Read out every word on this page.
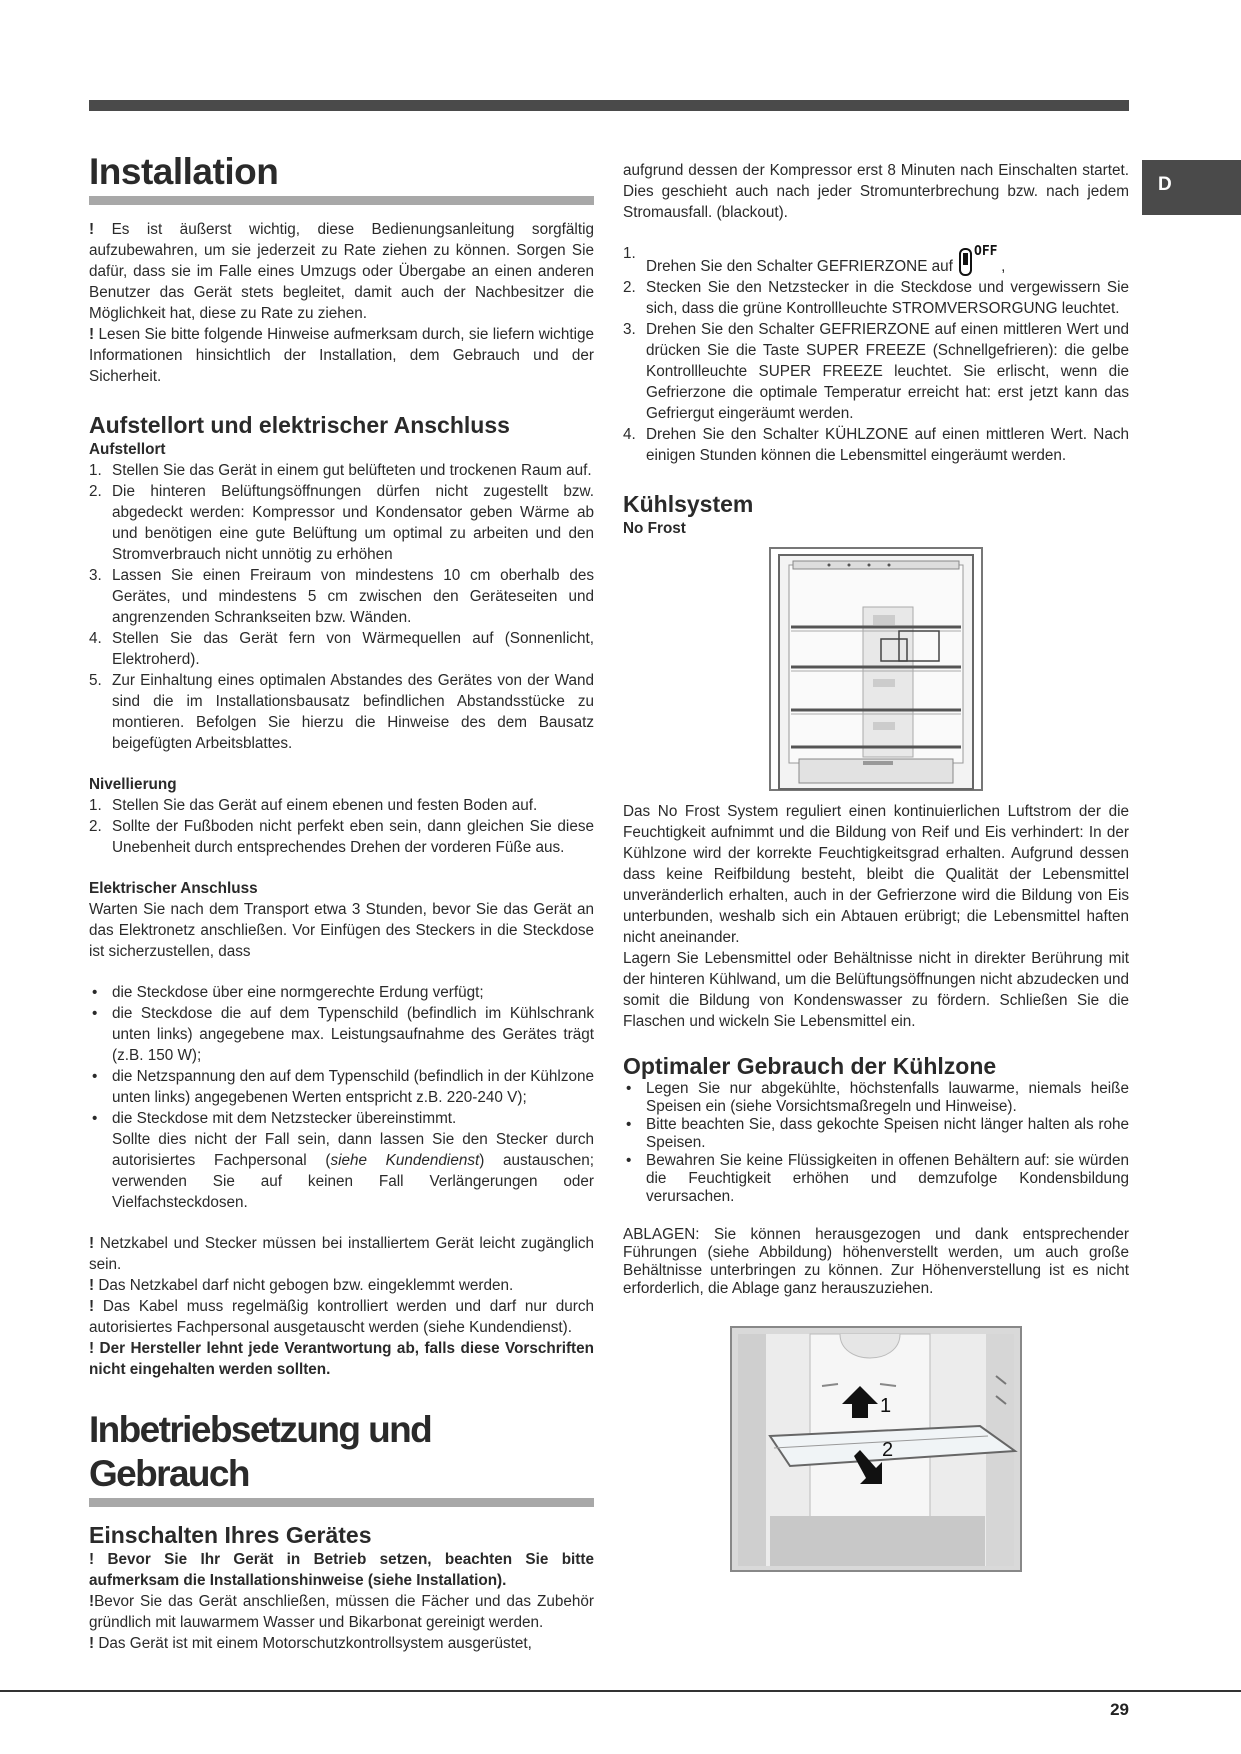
D
Installation

! Es ist äußerst wichtig, diese Bedienungsanleitung sorgfältig aufzubewahren, um sie jederzeit zu Rate ziehen zu können. Sorgen Sie dafür, dass sie im Falle eines Umzugs oder Übergabe an einen anderen Benutzer das Gerät stets begleitet, damit auch der Nachbesitzer die Möglichkeit hat, diese zu Rate zu ziehen.

! Lesen Sie bitte folgende Hinweise aufmerksam durch, sie liefern wichtige Informationen hinsichtlich der Installation, dem Gebrauch und der Sicherheit.

Aufstellort und elektrischer Anschluss
Aufstellort
1. Stellen Sie das Gerät in einem gut belüfteten und trockenen Raum auf.
2. Die hinteren Belüftungsöffnungen dürfen nicht zugestellt bzw. abgedeckt werden: Kompressor und Kondensator geben Wärme ab und benötigen eine gute Belüftung um optimal zu arbeiten und den Stromverbrauch nicht unnötig zu erhöhen
3. Lassen Sie einen Freiraum von mindestens 10 cm oberhalb des Gerätes, und mindestens 5 cm zwischen den Geräteseiten und angrenzenden Schrankseiten bzw. Wänden.
4. Stellen Sie das Gerät fern von Wärmequellen auf (Sonnenlicht, Elektroherd).
5. Zur Einhaltung eines optimalen Abstandes des Gerätes von der Wand sind die im Installationsbausatz befindlichen Abstandsstücke zu montieren. Befolgen Sie hierzu die Hinweise des dem Bausatz beigefügten Arbeitsblattes.
Nivellierung
1. Stellen Sie das Gerät auf einem ebenen und festen Boden auf.
2. Sollte der Fußboden nicht perfekt eben sein, dann gleichen Sie diese Unebenheit durch entsprechendes Drehen der vorderen Füße aus.
Elektrischer Anschluss

Warten Sie nach dem Transport etwa 3 Stunden, bevor Sie das Gerät an das Elektronetz anschließen. Vor Einfügen des Steckers in die Steckdose ist sicherzustellen, dass

• die Steckdose über eine normgerechte Erdung verfügt;
• die Steckdose die auf dem Typenschild (befindlich im Kühlschrank unten links) angegebene max. Leistungsaufnahme des Gerätes trägt (z.B. 150 W);
• die Netzspannung den auf dem Typenschild (befindlich in der Kühlzone unten links) angegebenen Werten entspricht z.B. 220-240 V);
• die Steckdose mit dem Netzstecker übereinstimmt.

Sollte dies nicht der Fall sein, dann lassen Sie den Stecker durch autorisiertes Fachpersonal (siehe Kundendienst) austauschen; verwenden Sie auf keinen Fall Verlängerungen oder Vielfachsteckdosen.

! Netzkabel und Stecker müssen bei installiertem Gerät leicht zugänglich sein.

! Das Netzkabel darf nicht gebogen bzw. eingeklemmt werden.

! Das Kabel muss regelmäßig kontrolliert werden und darf nur durch autorisiertes Fachpersonal ausgetauscht werden (siehe Kundendienst).

! Der Hersteller lehnt jede Verantwortung ab, falls diese Vorschriften nicht eingehalten werden sollten.

Inbetriebsetzung und Gebrauch
Einschalten Ihres Gerätes

! Bevor Sie Ihr Gerät in Betrieb setzen, beachten Sie bitte aufmerksam die Installationshinweise (siehe Installation).

!Bevor Sie das Gerät anschließen, müssen die Fächer und das Zubehör gründlich mit lauwarmem Wasser und Bikarbonat gereinigt werden.

! Das Gerät ist mit einem Motorschutzkontrollsystem ausgerüstet,

aufgrund dessen der Kompressor erst 8 Minuten nach Einschalten startet. Dies geschieht auch nach jeder Stromunterbrechung bzw. nach jedem Stromausfall. (blackout).

1.
Drehen Sie den Schalter GEFRIERZONE auf
OFF
,
2. Stecken Sie den Netzstecker in die Steckdose und vergewissern Sie sich, dass die grüne Kontrollleuchte STROMVERSORGUNG leuchtet.
3. Drehen Sie den Schalter GEFRIERZONE auf einen mittleren Wert und drücken Sie die Taste SUPER FREEZE (Schnellgefrieren): die gelbe Kontrollleuchte SUPER FREEZE leuchtet. Sie erlischt, wenn die Gefrierzone die optimale Temperatur erreicht hat: erst jetzt kann das Gefriergut eingeräumt werden.
4. Drehen Sie den Schalter KÜHLZONE auf einen mittleren Wert. Nach einigen Stunden können die Lebensmittel eingeräumt werden.
Kühlsystem
No Frost

Das No Frost System reguliert einen kontinuierlichen Luftstrom der die Feuchtigkeit aufnimmt und die Bildung von Reif und Eis verhindert: In der Kühlzone wird der korrekte Feuchtigkeitsgrad erhalten. Aufgrund dessen dass keine Reifbildung besteht, bleibt die Qualität der Lebensmittel unveränderlich erhalten, auch in der Gefrierzone wird die Bildung von Eis unterbunden, weshalb sich ein Abtauen erübrigt; die Lebensmittel haften nicht aneinander.

Lagern Sie Lebensmittel oder Behältnisse nicht in direkter Berührung mit der hinteren Kühlwand, um die Belüftungsöffnungen nicht abzudecken und somit die Bildung von Kondenswasser zu fördern. Schließen Sie die Flaschen und wickeln Sie Lebensmittel ein.

Optimaler Gebrauch der Kühlzone
• Legen Sie nur abgekühlte, höchstenfalls lauwarme, niemals heiße Speisen ein (siehe Vorsichtsmaßregeln und Hinweise).
• Bitte beachten Sie, dass gekochte Speisen nicht länger halten als rohe Speisen.
• Bewahren Sie keine Flüssigkeiten in offenen Behältern auf: sie würden die Feuchtigkeit erhöhen und demzufolge Kondensbildung verursachen.

ABLAGEN: Sie können herausgezogen und dank entsprechender Führungen (siehe Abbildung) höhenverstellt werden, um auch große Behältnisse unterbringen zu können. Zur Höhenverstellung ist es nicht erforderlich, die Ablage ganz herauszuziehen.

1
2
29
